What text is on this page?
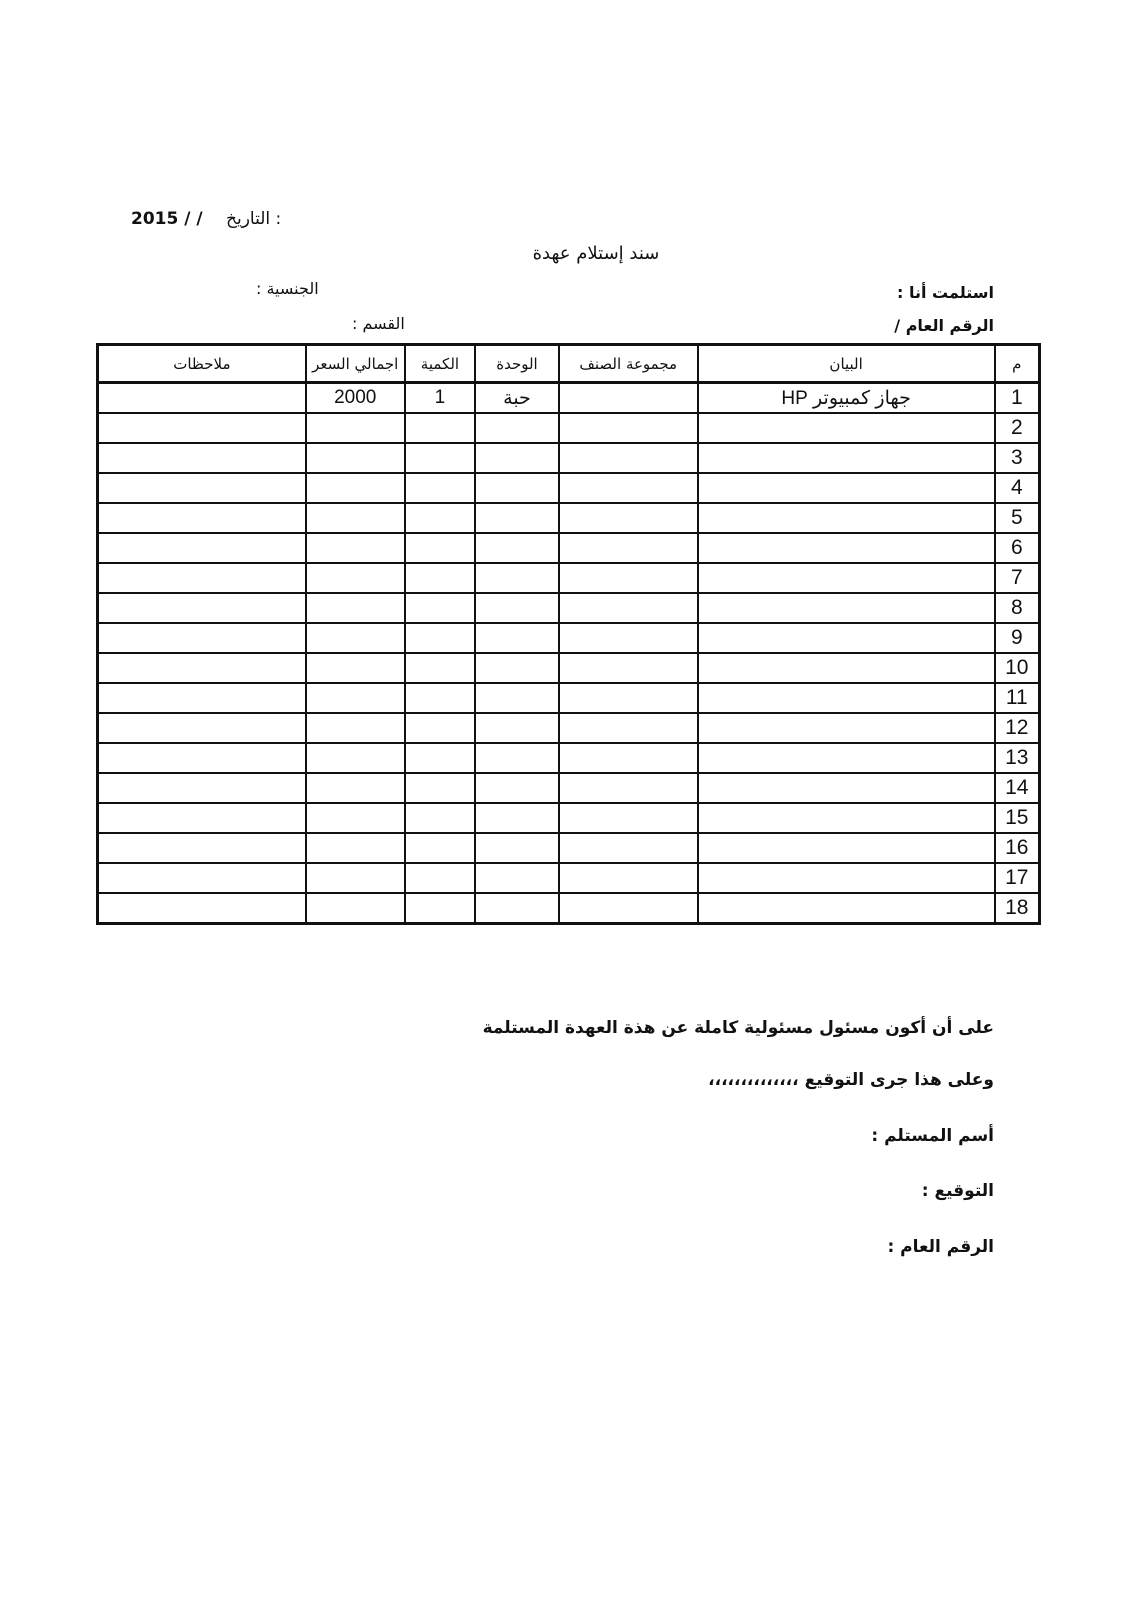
2015 / / التاريخ :
سند إستلام عهدة
استلمت أنا :
الجنسية :
الرقم العام /
القسم :
م	البيان	مجموعة الصنف	الوحدة	الكمية	اجمالي السعر	ملاحظات
1	جهاز كمبيوتر HP		حبة	1	2000	
2						
3						
4						
5						
6						
7						
8						
9						
10						
11						
12						
13						
14						
15						
16						
17						
18						
على أن أكون مسئول مسئولية كاملة عن هذة العهدة المستلمة
وعلى هذا جرى التوقيع،،،،،،،،،،،،،،
أسم المستلم :
التوقيع :
الرقم العام :
